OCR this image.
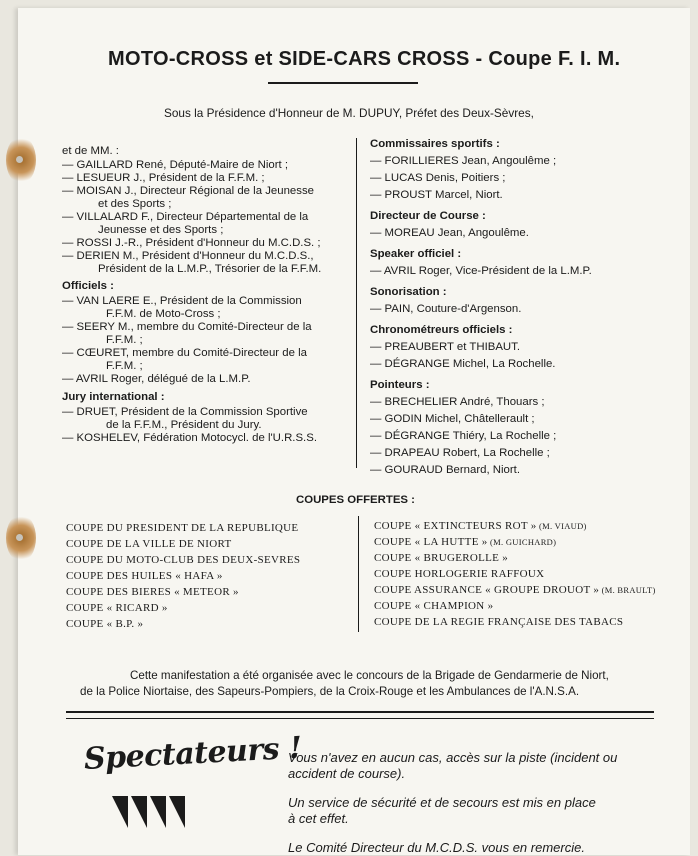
MOTO-CROSS et SIDE-CARS CROSS - Coupe F. I. M.
Sous la Présidence d'Honneur de M. DUPUY, Préfet des Deux-Sèvres,
COUPES OFFERTES :
Cette manifestation a été organisée avec le concours de la Brigade de Gendarmerie de Niort,
de la Police Niortaise, des Sapeurs-Pompiers, de la Croix-Rouge et les Ambulances de l'A.N.S.A.
Spectateurs !
Vous n'avez en aucun cas, accès sur la piste (incident ou
accident de course).
Un service de sécurité et de secours est mis en place
à cet effet.
Le Comité Directeur du M.C.D.S. vous en remercie.
et de MM. :
— GAILLARD René, Député-Maire de Niort ;
— LESUEUR J., Président de la F.F.M. ;
— MOISAN J., Directeur Régional de la Jeunesse
et des Sports ;
— VILLALARD F., Directeur Départemental de la
Jeunesse et des Sports ;
— ROSSI J.-R., Président d'Honneur du M.C.D.S. ;
— DERIEN M., Président d'Honneur du M.C.D.S.,
Président de la L.M.P., Trésorier de la F.F.M.
Officiels :
— VAN LAERE E., Président de la Commission
F.F.M. de Moto-Cross ;
— SEERY M., membre du Comité-Directeur de la
F.F.M. ;
— CŒURET, membre du Comité-Directeur de la
F.F.M. ;
— AVRIL Roger, délégué de la L.M.P.
Jury international :
— DRUET, Président de la Commission Sportive
de la F.F.M., Président du Jury.
— KOSHELEV, Fédération Motocycl. de l'U.R.S.S.
Commissaires sportifs :
— FORILLIERES Jean, Angoulême ;
— LUCAS Denis, Poitiers ;
— PROUST Marcel, Niort.
Directeur de Course :
— MOREAU Jean, Angoulême.
Speaker officiel :
— AVRIL Roger, Vice-Président de la L.M.P.
Sonorisation :
— PAIN, Couture-d'Argenson.
Chronométreurs officiels :
— PREAUBERT et THIBAUT.
— DÉGRANGE Michel, La Rochelle.
Pointeurs :
— BRECHELIER André, Thouars ;
— GODIN Michel, Châtellerault ;
— DÉGRANGE Thiéry, La Rochelle ;
— DRAPEAU Robert, La Rochelle ;
— GOURAUD Bernard, Niort.
COUPE DU PRESIDENT DE LA REPUBLIQUE
COUPE DE LA VILLE DE NIORT
COUPE DU MOTO-CLUB DES DEUX-SEVRES
COUPE DES HUILES « HAFA »
COUPE DES BIERES « METEOR »
COUPE « RICARD »
COUPE « B.P. »
COUPE « EXTINCTEURS ROT » (M. VIAUD)
COUPE « LA HUTTE » (M. GUICHARD)
COUPE « BRUGEROLLE »
COUPE HORLOGERIE RAFFOUX
COUPE ASSURANCE « GROUPE DROUOT » (M. BRAULT)
COUPE « CHAMPION »
COUPE DE LA REGIE FRANÇAISE DES TABACS
